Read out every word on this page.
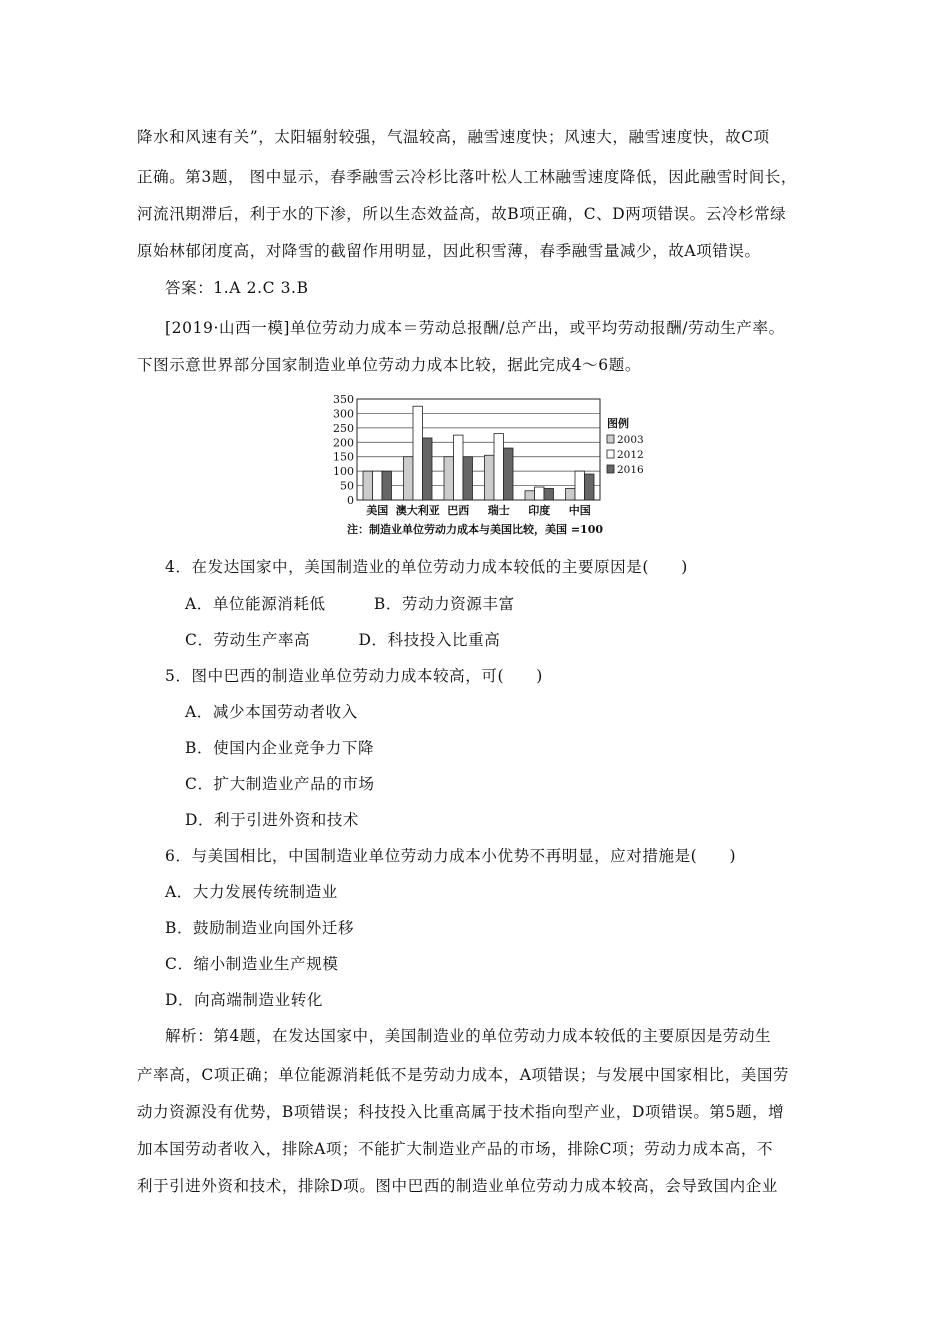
降水和风速有关”，太阳辐射较强，气温较高，融雪速度快；风速大，融雪速度快，故C项
正确。第3题， 图中显示，春季融雪云冷杉比落叶松人工林融雪速度降低，因此融雪时间长，
河流汛期滞后，利于水的下渗，所以生态效益高，故B项正确，C、D两项错误。云冷杉常绿
原始林郁闭度高，对降雪的截留作用明显，因此积雪薄，春季融雪量减少，故A项错误。
答案：1.A 2.C 3.B
[2019·山西一模]单位劳动力成本＝劳动总报酬/总产出，或平均劳动报酬/劳动生产率。
下图示意世界部分国家制造业单位劳动力成本比较，据此完成4～6题。
0
50
100
150
200
250
300
350
美国 澳大利亚 巴西 瑞士 印度 中国
注：制造业单位劳动力成本与美国比较，美国 =100
图例
2003
2012
2016
4．在发达国家中，美国制造业的单位劳动力成本较低的主要原因是(　　)
A．单位能源消耗低　　　B．劳动力资源丰富
C．劳动生产率高　　　D．科技投入比重高
5．图中巴西的制造业单位劳动力成本较高，可(　　)
A．减少本国劳动者收入
B．使国内企业竞争力下降
C．扩大制造业产品的市场
D．利于引进外资和技术
6．与美国相比，中国制造业单位劳动力成本小优势不再明显，应对措施是(　　)
A．大力发展传统制造业
B．鼓励制造业向国外迁移
C．缩小制造业生产规模
D．向高端制造业转化
解析：第4题，在发达国家中，美国制造业的单位劳动力成本较低的主要原因是劳动生
产率高，C项正确；单位能源消耗低不是劳动力成本，A项错误；与发展中国家相比，美国劳
动力资源没有优势，B项错误；科技投入比重高属于技术指向型产业，D项错误。第5题，增
加本国劳动者收入，排除A项；不能扩大制造业产品的市场，排除C项；劳动力成本高，不
利于引进外资和技术，排除D项。图中巴西的制造业单位劳动力成本较高，会导致国内企业
